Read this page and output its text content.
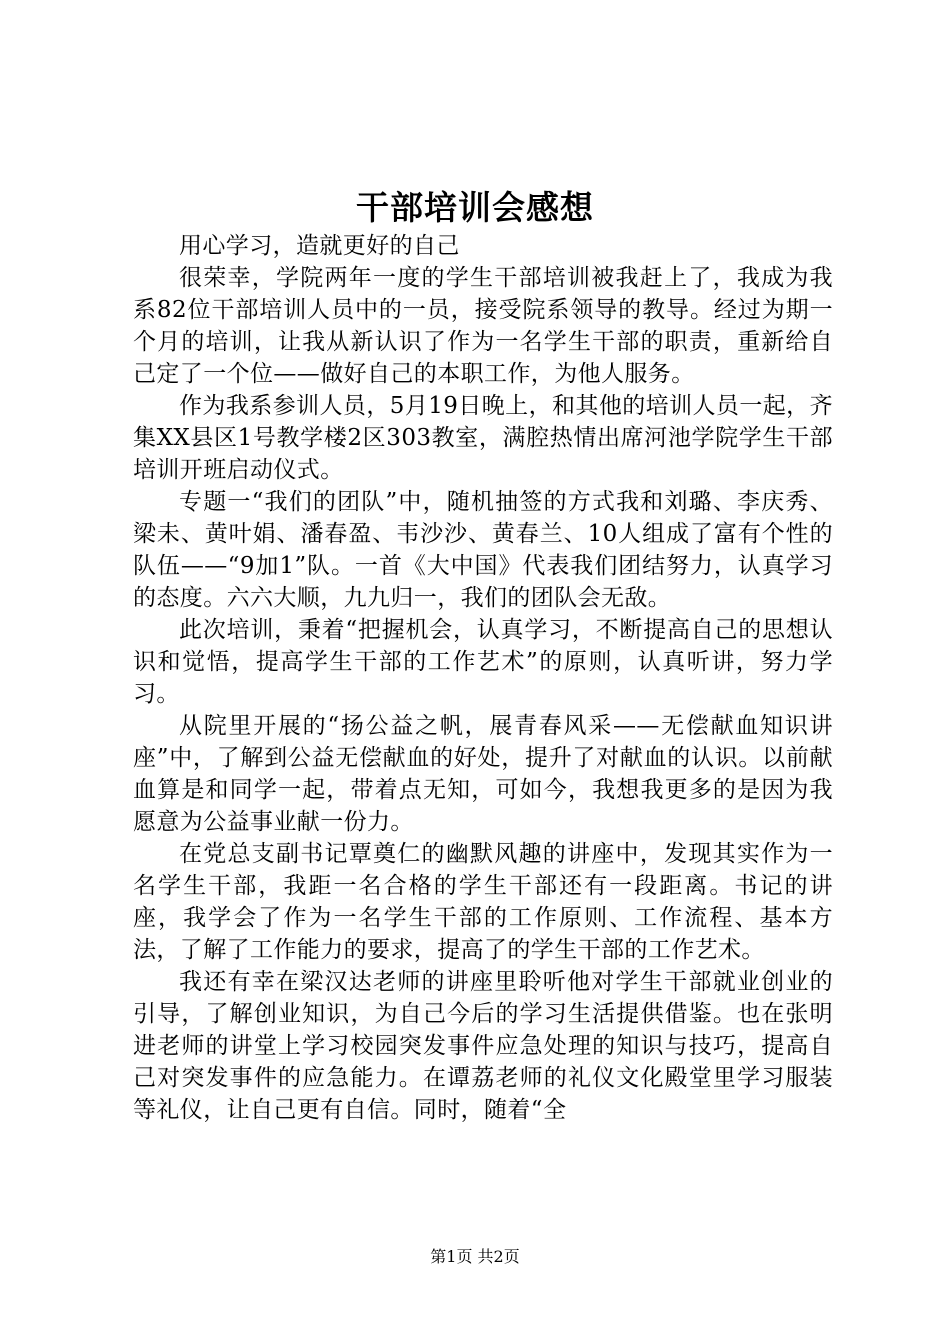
干部培训会感想

用心学习，造就更好的自己

很荣幸，学院两年一度的学生干部培训被我赶上了，我成为我系82位干部培训人员中的一员，接受院系领导的教导。经过为期一个月的培训，让我从新认识了作为一名学生干部的职责，重新给自己定了一个位——做好自己的本职工作，为他人服务。

作为我系参训人员，5月19日晚上，和其他的培训人员一起，齐集XX县区1号教学楼2区303教室，满腔热情出席河池学院学生干部培训开班启动仪式。

专题一“我们的团队”中，随机抽签的方式我和刘璐、李庆秀、梁未、黄叶娟、潘春盈、韦沙沙、黄春兰、10人组成了富有个性的队伍——“9加1”队。一首《大中国》代表我们团结努力，认真学习的态度。六六大顺，九九归一，我们的团队会无敌。

此次培训，秉着“把握机会，认真学习，不断提高自己的思想认识和觉悟，提高学生干部的工作艺术”的原则，认真听讲，努力学习。

从院里开展的“扬公益之帆，展青春风采——无偿献血知识讲座”中，了解到公益无偿献血的好处，提升了对献血的认识。以前献血算是和同学一起，带着点无知，可如今，我想我更多的是因为我愿意为公益事业献一份力。

在党总支副书记覃奠仁的幽默风趣的讲座中，发现其实作为一名学生干部，我距一名合格的学生干部还有一段距离。书记的讲座，我学会了作为一名学生干部的工作原则、工作流程、基本方法，了解了工作能力的要求，提高了的学生干部的工作艺术。

我还有幸在梁汉达老师的讲座里聆听他对学生干部就业创业的引导，了解创业知识，为自己今后的学习生活提供借鉴。也在张明进老师的讲堂上学习校园突发事件应急处理的知识与技巧，提高自己对突发事件的应急能力。在谭荔老师的礼仪文化殿堂里学习服装等礼仪，让自己更有自信。同时，随着“全

第1页 共2页
